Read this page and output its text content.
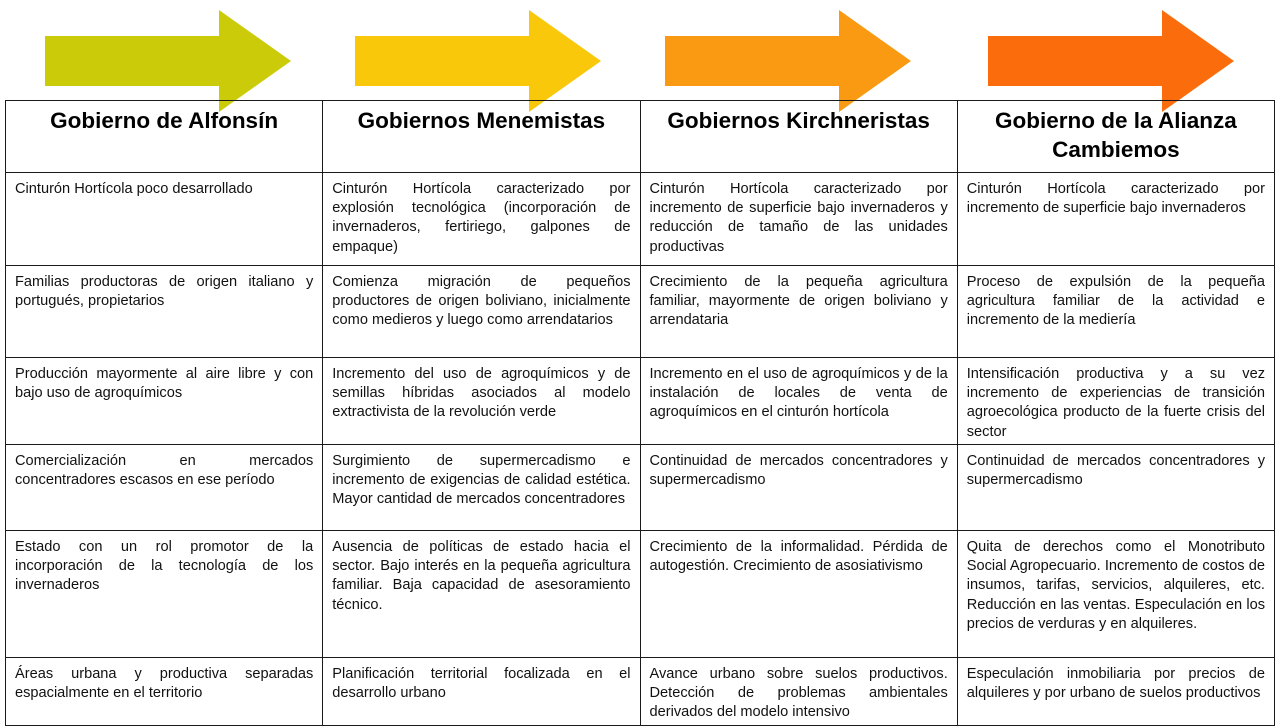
Gobierno de Alfonsín	Gobiernos Menemistas	Gobiernos Kirchneristas	Gobierno de la Alianza Cambiemos
Cinturón Hortícola poco desarrollado	Cinturón Hortícola caracterizado por explosión tecnológica (incorporación de invernaderos, fertiriego, galpones de empaque)	Cinturón Hortícola caracterizado por incremento de superficie bajo invernaderos y reducción de tamaño de las unidades productivas	Cinturón Hortícola caracterizado por incremento de superficie bajo invernaderos
Familias productoras de origen italiano y portugués, propietarios	Comienza migración de pequeños productores de origen boliviano, inicialmente como medieros y luego como arrendatarios	Crecimiento de la pequeña agricultura familiar, mayormente de origen boliviano y arrendataria	Proceso de expulsión de la pequeña agricultura familiar de la actividad e incremento de la mediería
Producción mayormente al aire libre y con bajo uso de agroquímicos	Incremento del uso de agroquímicos y de semillas híbridas asociados al modelo extractivista de la revolución verde	Incremento en el uso de agroquímicos y de la instalación de locales de venta de agroquímicos en el cinturón hortícola	Intensificación productiva y a su vez incremento de experiencias de transición agroecológica producto de la fuerte crisis del sector
Comercialización en mercados concentradores escasos en ese período	Surgimiento de supermercadismo e incremento de exigencias de calidad estética. Mayor cantidad de mercados concentradores	Continuidad de mercados concentradores y supermercadismo	Continuidad de mercados concentradores y supermercadismo
Estado con un rol promotor de la incorporación de la tecnología de los invernaderos	Ausencia de políticas de estado hacia el sector. Bajo interés en la pequeña agricultura familiar. Baja capacidad de asesoramiento técnico.	Crecimiento de la informalidad. Pérdida de autogestión. Crecimiento de asosiativismo	Quita de derechos como el Monotributo Social Agropecuario. Incremento de costos de insumos, tarifas, servicios, alquileres, etc. Reducción en las ventas. Especulación en los precios de verduras y en alquileres.
Áreas urbana y productiva separadas espacialmente en el territorio	Planificación territorial focalizada en el desarrollo urbano	Avance urbano sobre suelos productivos. Detección de problemas ambientales derivados del modelo intensivo	Especulación inmobiliaria por precios de alquileres y por urbano de suelos productivos
